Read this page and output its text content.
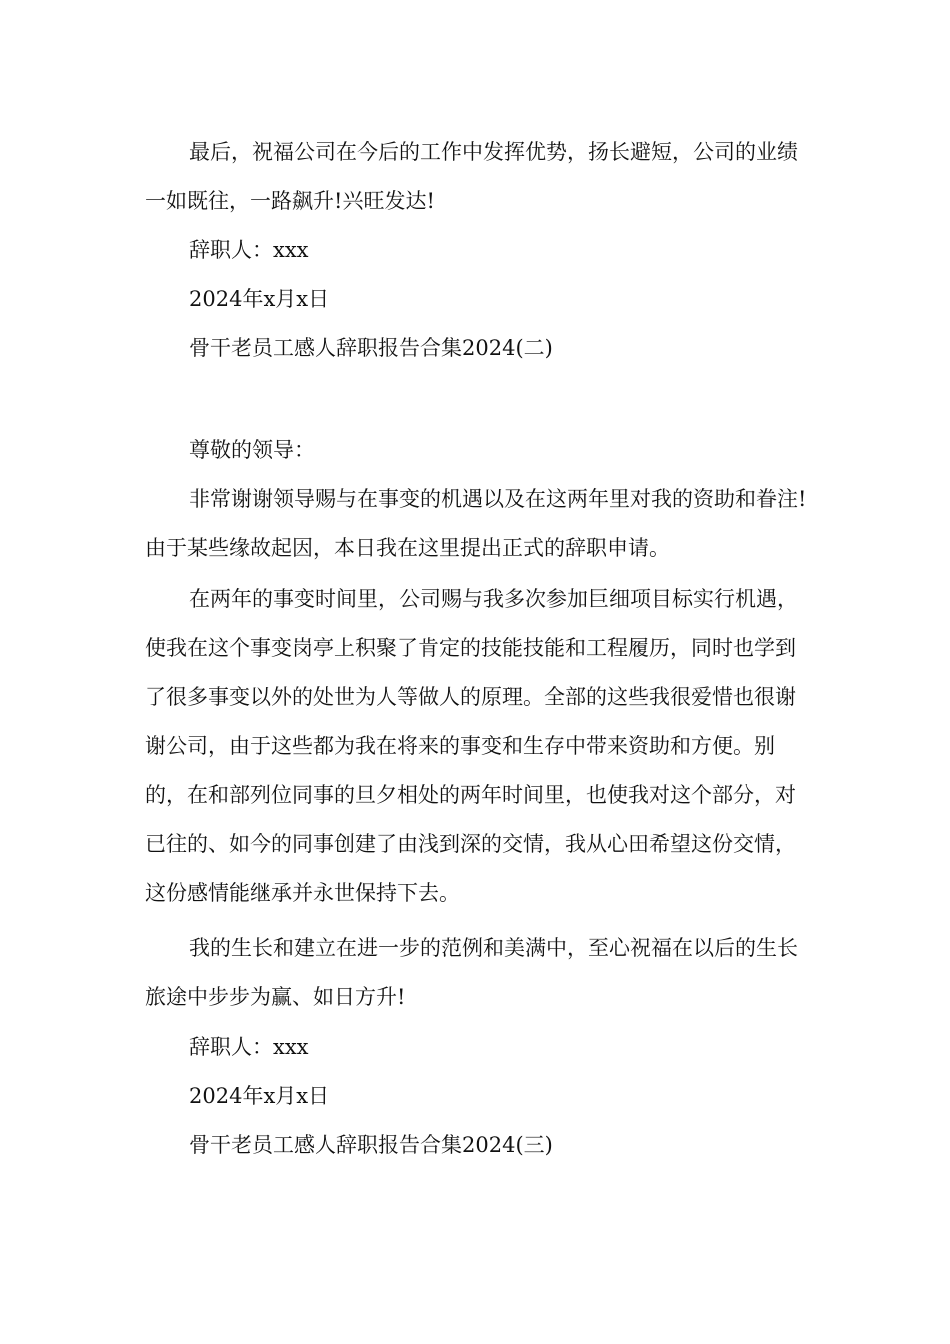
最后，祝福公司在今后的工作中发挥优势，扬长避短，公司的业绩一如既往，一路飙升!兴旺发达!
辞职人：xxx
2024年x月x日
骨干老员工感人辞职报告合集2024(二)
尊敬的领导：
非常谢谢领导赐与在事变的机遇以及在这两年里对我的资助和眷注!由于某些缘故起因，本日我在这里提出正式的辞职申请。
在两年的事变时间里，公司赐与我多次参加巨细项目标实行机遇，使我在这个事变岗亭上积聚了肯定的技能技能和工程履历，同时也学到了很多事变以外的处世为人等做人的原理。全部的这些我很爱惜也很谢谢公司，由于这些都为我在将来的事变和生存中带来资助和方便。别的，在和部列位同事的旦夕相处的两年时间里，也使我对这个部分，对已往的、如今的同事创建了由浅到深的交情，我从心田希望这份交情，这份感情能继承并永世保持下去。
我的生长和建立在进一步的范例和美满中，至心祝福在以后的生长旅途中步步为赢、如日方升!
辞职人：xxx
2024年x月x日
骨干老员工感人辞职报告合集2024(三)
